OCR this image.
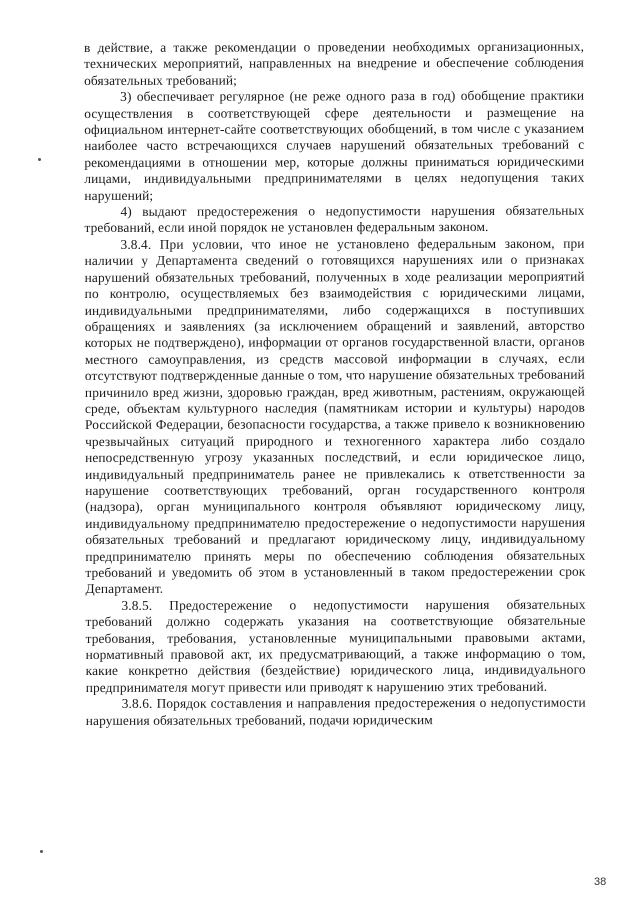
в действие, а также рекомендации о проведении необходимых организационных, технических мероприятий, направленных на внедрение и обеспечение соблюдения обязательных требований;

3) обеспечивает регулярное (не реже одного раза в год) обобщение практики осуществления в соответствующей сфере деятельности и размещение на официальном интернет-сайте соответствующих обобщений, в том числе с указанием наиболее часто встречающихся случаев нарушений обязательных требований с рекомендациями в отношении мер, которые должны приниматься юридическими лицами, индивидуальными предпринимателями в целях недопущения таких нарушений;

4) выдают предостережения о недопустимости нарушения обязательных требований, если иной порядок не установлен федеральным законом.

3.8.4. При условии, что иное не установлено федеральным законом, при наличии у Департамента сведений о готовящихся нарушениях или о признаках нарушений обязательных требований, полученных в ходе реализации мероприятий по контролю, осуществляемых без взаимодействия с юридическими лицами, индивидуальными предпринимателями, либо содержащихся в поступивших обращениях и заявлениях (за исключением обращений и заявлений, авторство которых не подтверждено), информации от органов государственной власти, органов местного самоуправления, из средств массовой информации в случаях, если отсутствуют подтвержденные данные о том, что нарушение обязательных требований причинило вред жизни, здоровью граждан, вред животным, растениям, окружающей среде, объектам культурного наследия (памятникам истории и культуры) народов Российской Федерации, безопасности государства, а также привело к возникновению чрезвычайных ситуаций природного и техногенного характера либо создало непосредственную угрозу указанных последствий, и если юридическое лицо, индивидуальный предприниматель ранее не привлекались к ответственности за нарушение соответствующих требований, орган государственного контроля (надзора), орган муниципального контроля объявляют юридическому лицу, индивидуальному предпринимателю предостережение о недопустимости нарушения обязательных требований и предлагают юридическому лицу, индивидуальному предпринимателю принять меры по обеспечению соблюдения обязательных требований и уведомить об этом в установленный в таком предостережении срок Департамент.

3.8.5. Предостережение о недопустимости нарушения обязательных требований должно содержать указания на соответствующие обязательные требования, требования, установленные муниципальными правовыми актами, нормативный правовой акт, их предусматривающий, а также информацию о том, какие конкретно действия (бездействие) юридического лица, индивидуального предпринимателя могут привести или приводят к нарушению этих требований.

3.8.6. Порядок составления и направления предостережения о недопустимости нарушения обязательных требований, подачи юридическим

38
